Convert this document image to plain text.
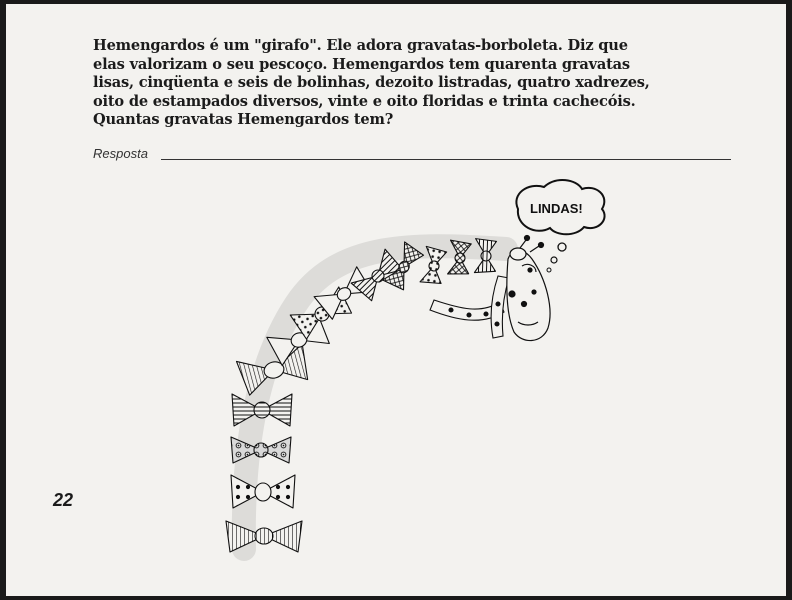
Hemengardos é um "girafo". Ele adora gravatas-borboleta. Diz que elas valorizam o seu pescoço. Hemengardos tem quarenta gravatas lisas, cinqüenta e seis de bolinhas, dezoito listradas, quatro xadrezes, oito de estampados diversos, vinte e oito floridas e trinta cachecóis. Quantas gravatas Hemengardos tem?

Resposta
LINDAS!
22
